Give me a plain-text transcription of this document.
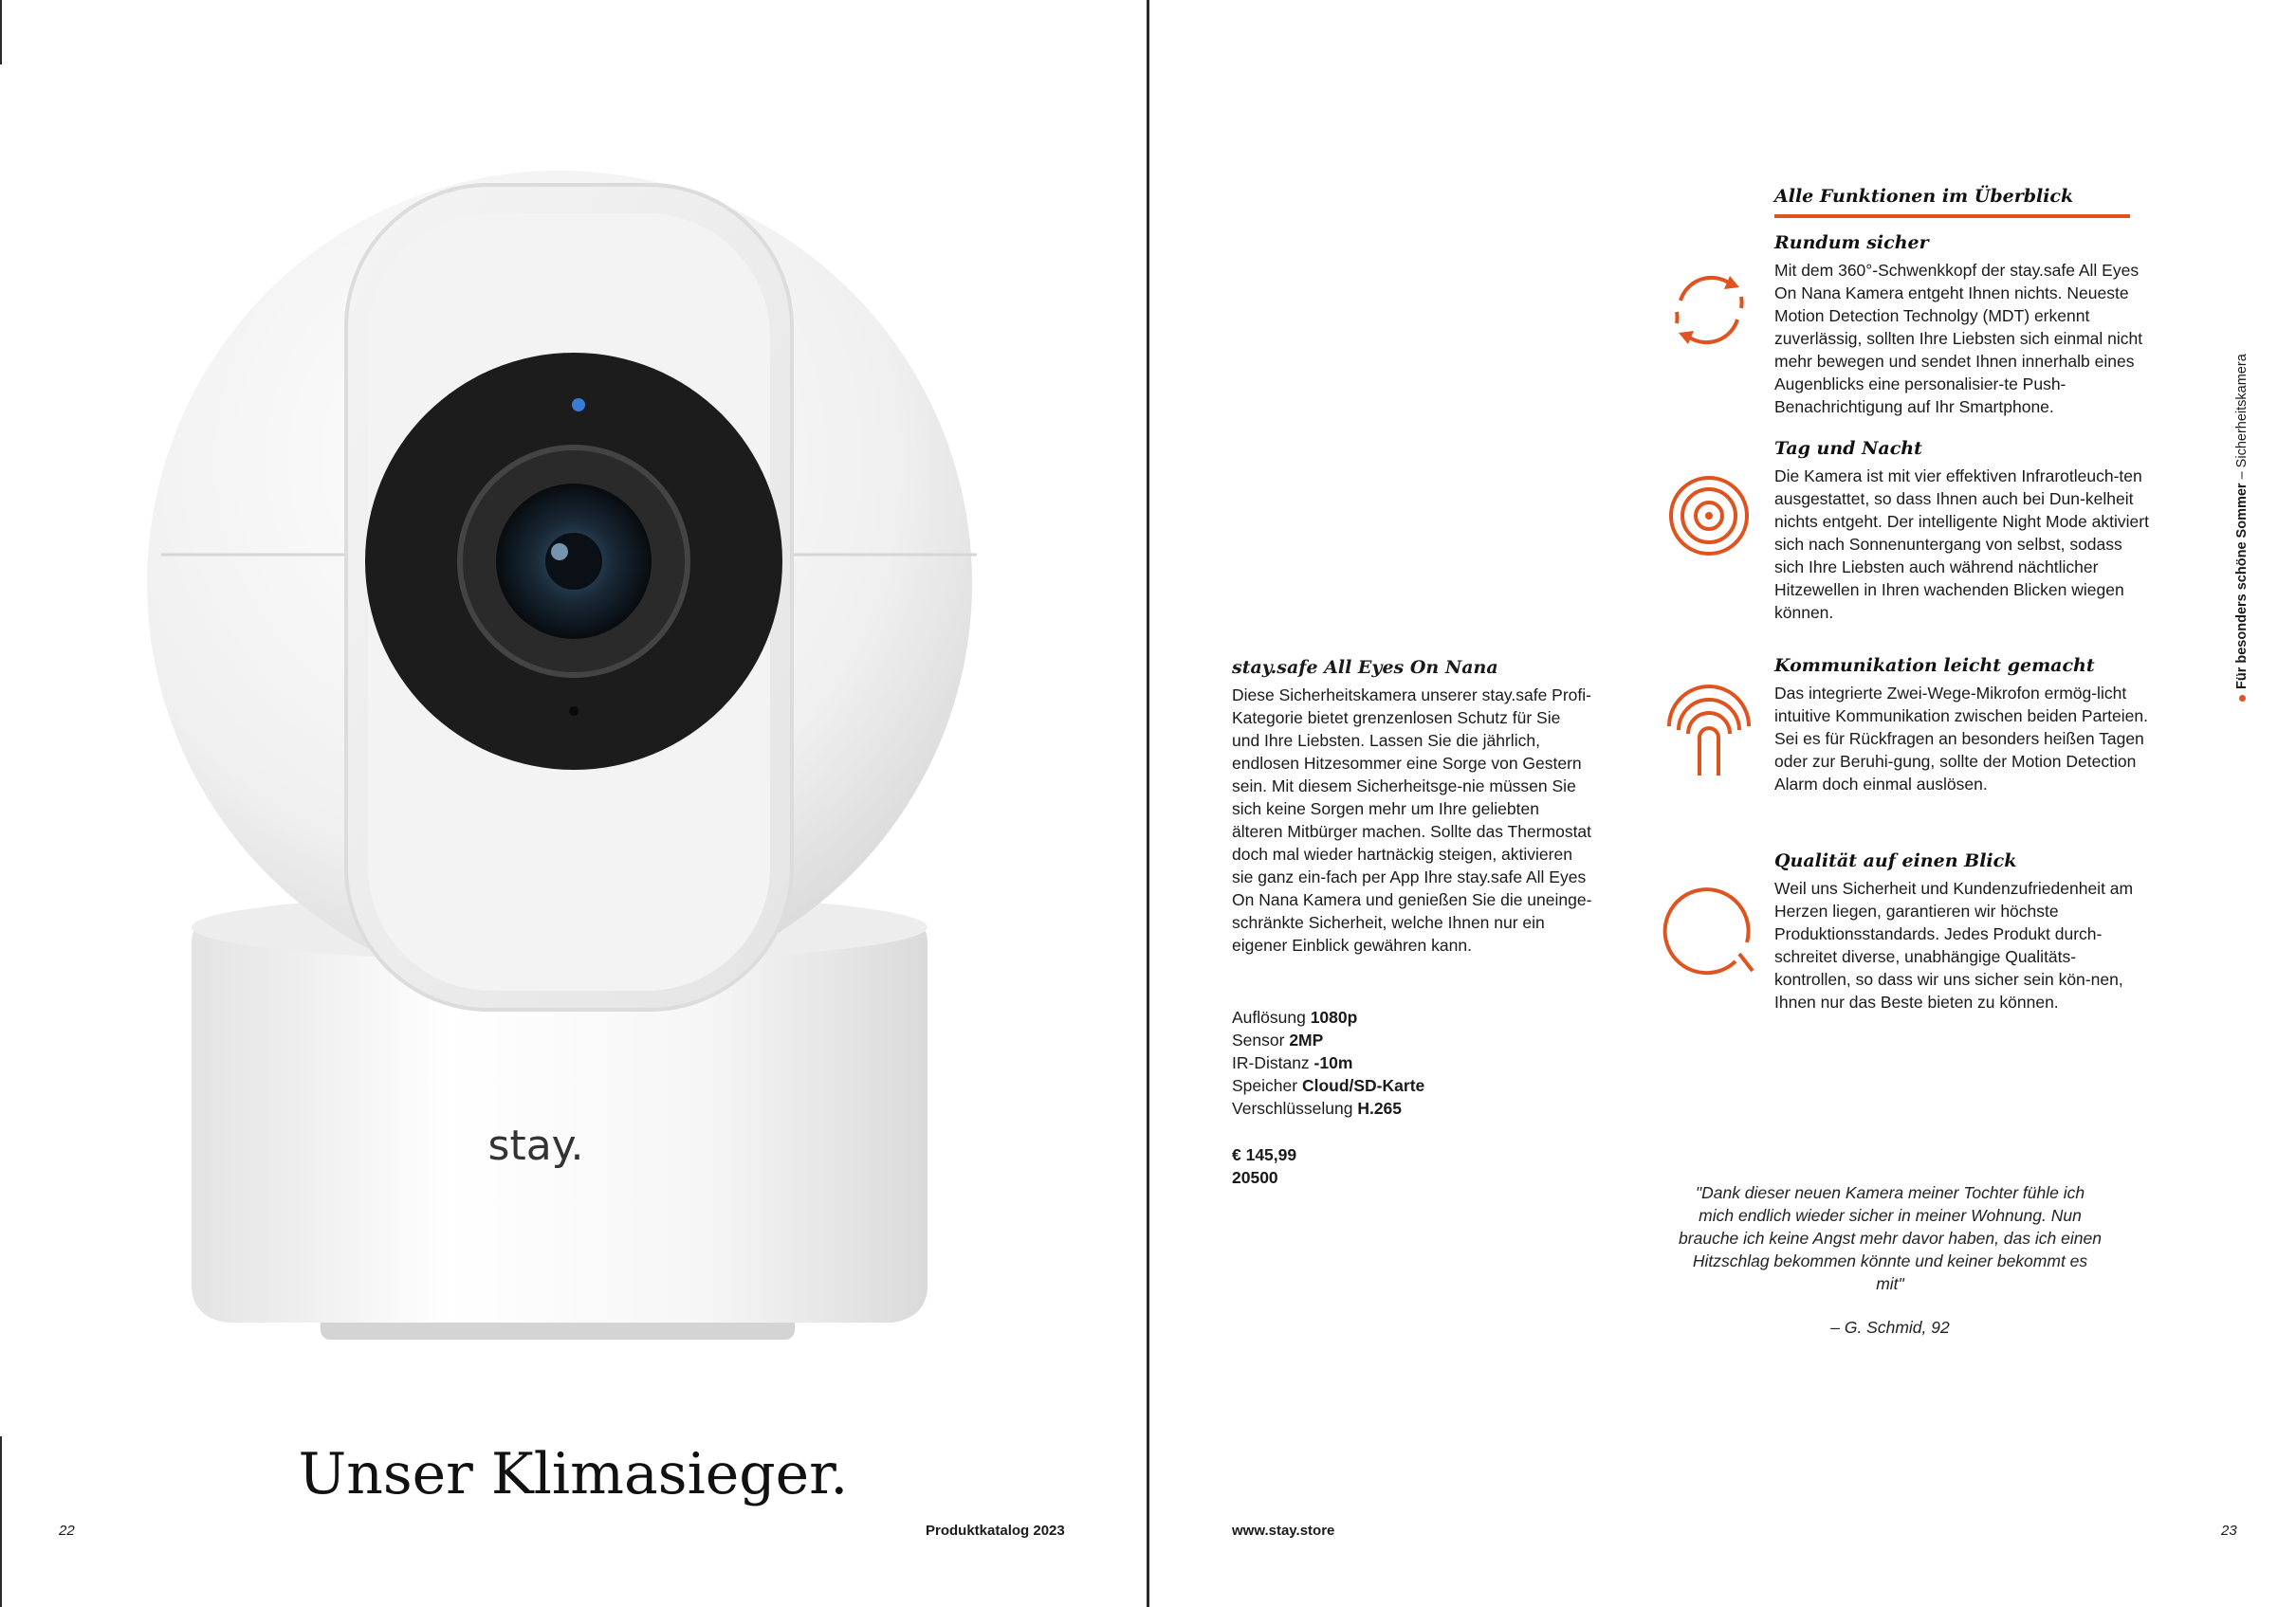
stay.
Unser Klimasieger.
22	Produktkatalog 2023
Alle Funktionen im Überblick

Rundum sicher

Mit dem 360°-Schwenkkopf der stay.safe All Eyes On Nana Kamera entgeht Ihnen nichts. Neueste Motion Detection Technolgy (MDT) erkennt zuverlässig, sollten Ihre Liebsten sich einmal nicht mehr bewegen und sendet Ihnen innerhalb eines Augenblicks eine personalisier-te Push-Benachrichtigung auf Ihr Smartphone.

Tag und Nacht

Die Kamera ist mit vier effektiven Infrarotleuch-ten ausgestattet, so dass Ihnen auch bei Dun-kelheit nichts entgeht. Der intelligente Night Mode aktiviert sich nach Sonnenuntergang von selbst, sodass sich Ihre Liebsten auch während nächtlicher Hitzewellen in Ihren wachenden Blicken wiegen können.

Kommunikation leicht gemacht

Das integrierte Zwei-Wege-Mikrofon ermög-licht intuitive Kommunikation zwischen beiden Parteien. Sei es für Rückfragen an besonders heißen Tagen oder zur Beruhi-gung, sollte der Motion Detection Alarm doch einmal auslösen.

Qualität auf einen Blick

Weil uns Sicherheit und Kundenzufriedenheit am Herzen liegen, garantieren wir höchste Produktionsstandards. Jedes Produkt durch-schreitet diverse, unabhängige Qualitäts-kontrollen, so dass wir uns sicher sein kön-nen, Ihnen nur das Beste bieten zu können.

stay.safe All Eyes On Nana

Diese Sicherheitskamera unserer stay.safe Profi-Kategorie bietet grenzenlosen Schutz für Sie und Ihre Liebsten. Lassen Sie die jährlich, endlosen Hitzesommer eine Sorge von Gestern sein. Mit diesem Sicherheitsge-nie müssen Sie sich keine Sorgen mehr um Ihre geliebten älteren Mitbürger machen. Sollte das Thermostat doch mal wieder hartnäckig steigen, aktivieren sie ganz ein-fach per App Ihre stay.safe All Eyes On Nana Kamera und genießen Sie die uneinge-schränkte Sicherheit, welche Ihnen nur ein eigener Einblick gewähren kann.

Auflösung 1080p
Sensor 2MP
IR-Distanz -10m
Speicher Cloud/SD-Karte
Verschlüsselung H.265
€ 145,99
20500
"Dank dieser neuen Kamera meiner Tochter fühle ich mich endlich wieder sicher in meiner Wohnung. Nun brauche ich keine Angst mehr davor haben, das ich einen Hitzschlag bekommen könnte und keiner bekommt es mit"
– G. Schmid, 92
Für besonders schöne Sommer – Sicherheitskamera
www.stay.store	23
